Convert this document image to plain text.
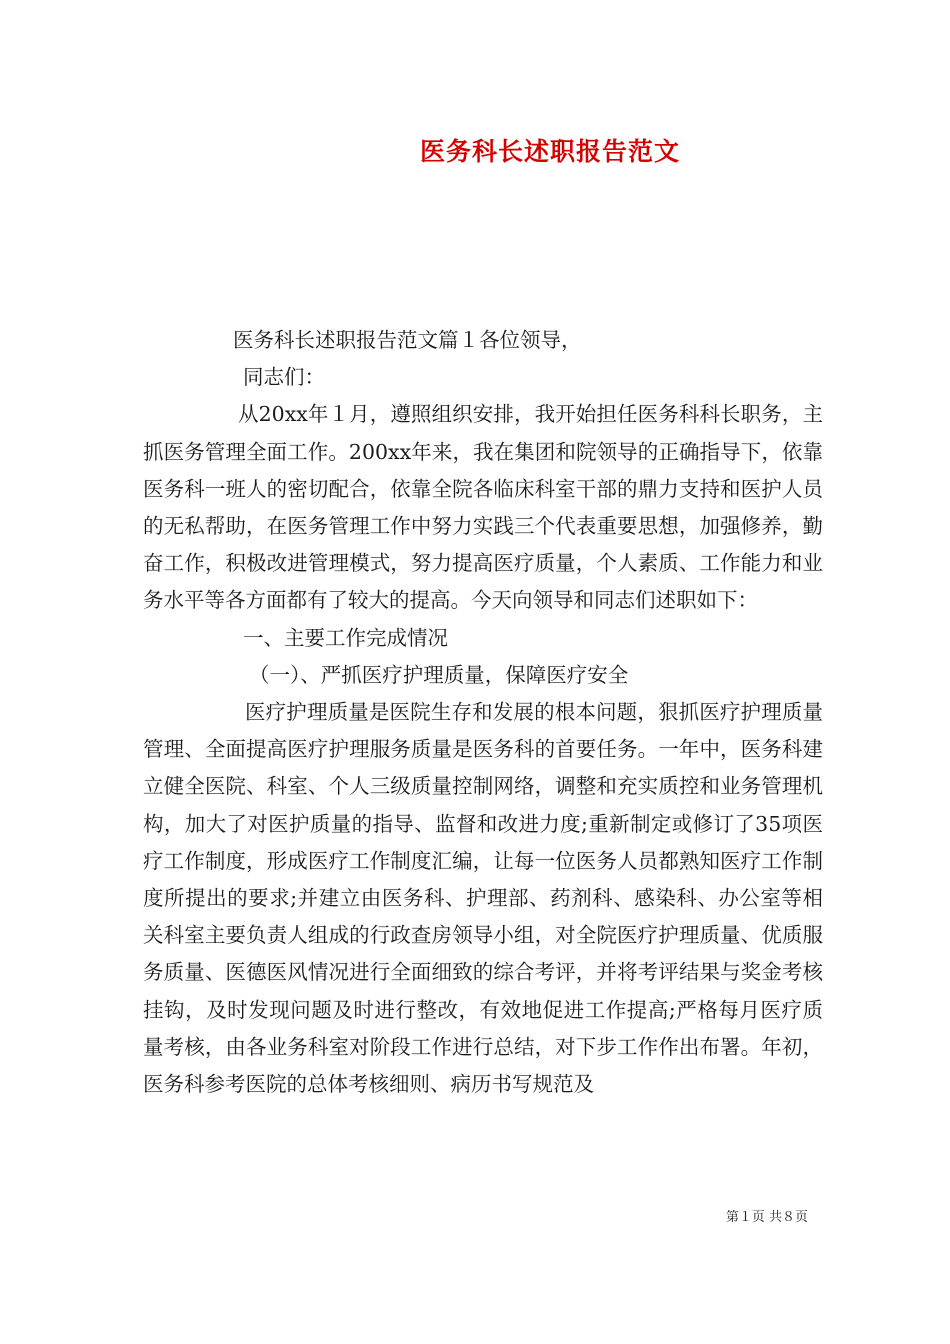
医务科长述职报告范文

医务科长述职报告范文篇１各位领导，

同志们：

从20xx年１月，遵照组织安排，我开始担任医务科科长职务，主抓医务管理全面工作。200xx年来，我在集团和院领导的正确指导下，依靠医务科一班人的密切配合，依靠全院各临床科室干部的鼎力支持和医护人员的无私帮助，在医务管理工作中努力实践三个代表重要思想，加强修养，勤奋工作，积极改进管理模式，努力提高医疗质量，个人素质、工作能力和业务水平等各方面都有了较大的提高。今天向领导和同志们述职如下：

一、主要工作完成情况

（一）、严抓医疗护理质量，保障医疗安全

医疗护理质量是医院生存和发展的根本问题，狠抓医疗护理质量管理、全面提高医疗护理服务质量是医务科的首要任务。一年中，医务科建立健全医院、科室、个人三级质量控制网络，调整和充实质控和业务管理机构，加大了对医护质量的指导、监督和改进力度;重新制定或修订了35项医疗工作制度，形成医疗工作制度汇编，让每一位医务人员都熟知医疗工作制度所提出的要求;并建立由医务科、护理部、药剂科、感染科、办公室等相关科室主要负责人组成的行政查房领导小组，对全院医疗护理质量、优质服务质量、医德医风情况进行全面细致的综合考评，并将考评结果与奖金考核挂钩，及时发现问题及时进行整改，有效地促进工作提高;严格每月医疗质量考核，由各业务科室对阶段工作进行总结，对下步工作作出布署。年初，医务科参考医院的总体考核细则、病历书写规范及

第１页 共８页
